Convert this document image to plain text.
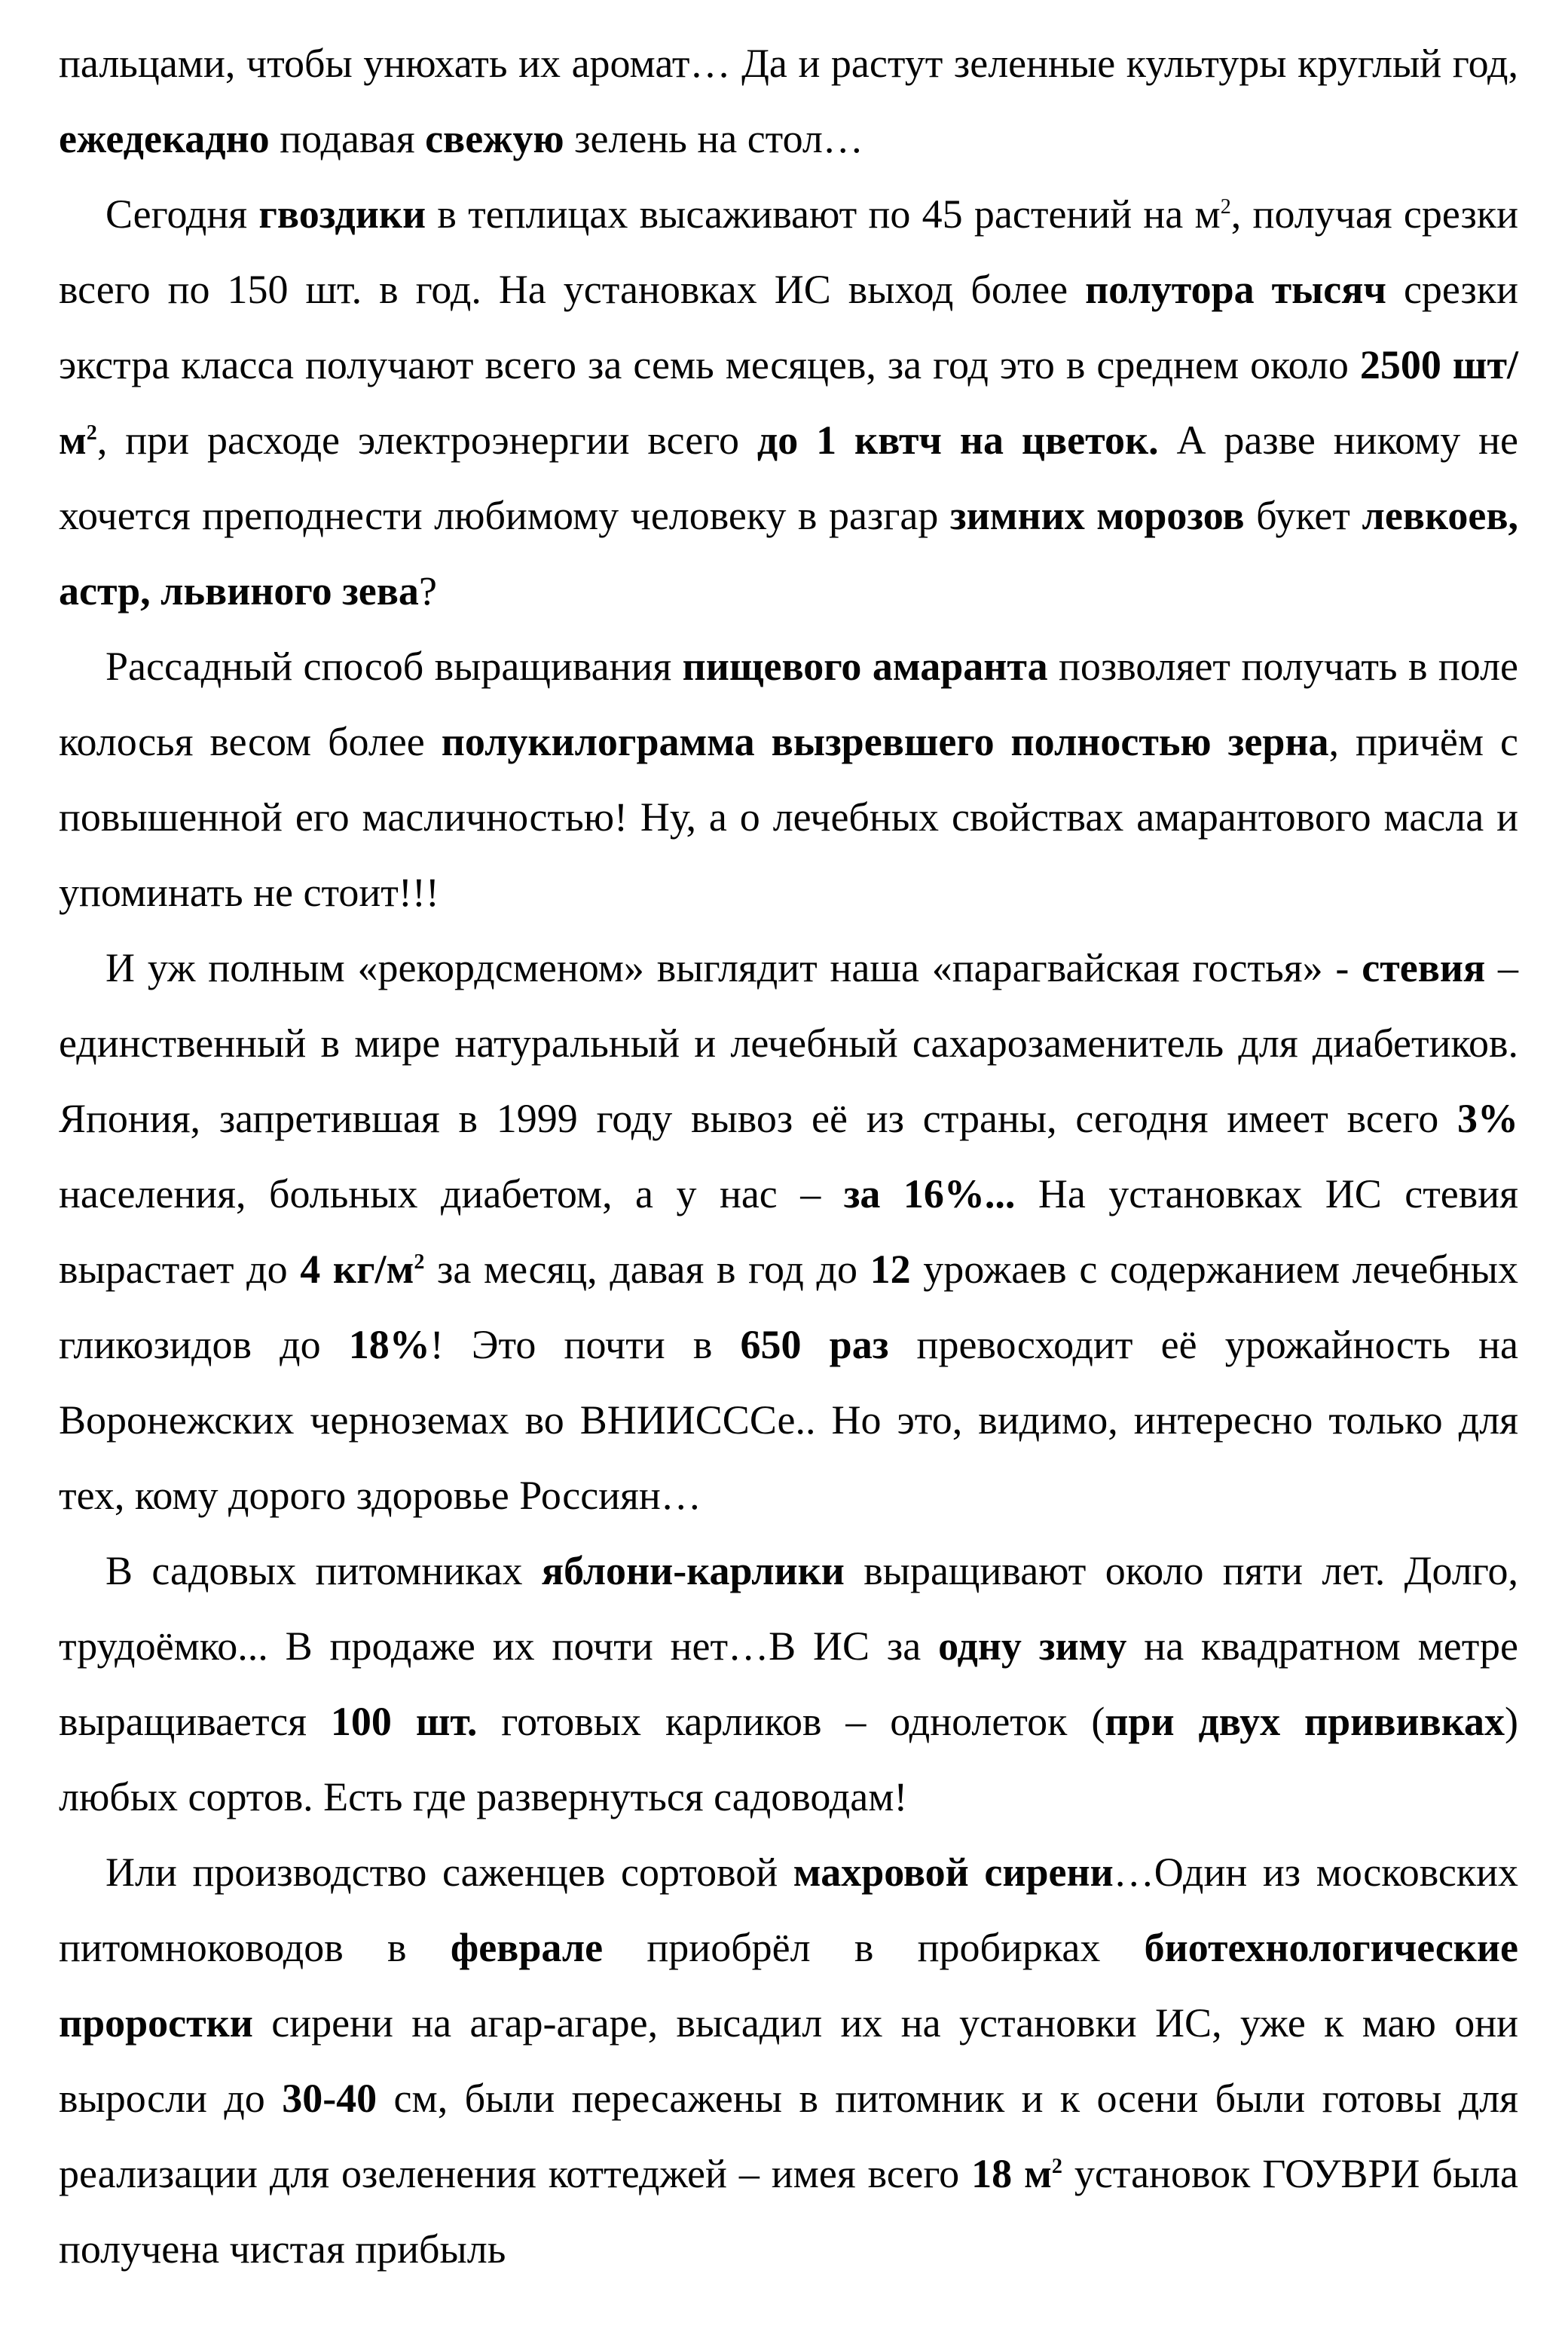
пальцами, чтобы унюхать их аромат… Да и растут зеленные культуры круглый год, ежедекадно подавая свежую зелень на стол…

Сегодня гвоздики в теплицах высаживают по 45 растений на $м^2$, получая срезки всего по 150 шт. в год. На установках ИС выход более полутора тысяч срезки экстра класса получают всего за семь месяцев, за год это в среднем около 2500 $шт/м^2$, при расходе электроэнергии всего до 1 квтч на цветок. А разве никому не хочется преподнести любимому человеку в разгар зимних морозов букет левкоев, астр, львиного зева?

Рассадный способ выращивания пищевого амаранта позволяет получать в поле колосья весом более полукилограмма вызревшего полностью зерна, причём с повышенной его масличностью! Ну, а о лечебных свойствах амарантового масла и упоминать не стоит!!!

И уж полным «рекордсменом» выглядит наша «парагвайская гостья» - стевия – единственный в мире натуральный и лечебный сахарозаменитель для диабетиков. Япония, запретившая в 1999 году вывоз её из страны, сегодня имеет всего 3% населения, больных диабетом, а у нас – за 16%... На установках ИС стевия вырастает до 4 $кг/м^2$ за месяц, давая в год до 12 урожаев с содержанием лечебных гликозидов до 18%! Это почти в 650 раз превосходит её урожайность на Воронежских черноземах во ВНИИСССе.. Но это, видимо, интересно только для тех, кому дорого здоровье Россиян…

В садовых питомниках яблони-карлики выращивают около пяти лет. Долго, трудоёмко... В продаже их почти нет…В ИС за одну зиму на квадратном метре выращивается 100 шт. готовых карликов – однолеток (при двух прививках) любых сортов. Есть где развернуться садоводам!

Или производство саженцев сортовой махровой сирени…Один из московских питомноководов в феврале приобрёл в пробирках биотехнологические проростки сирени на агар-агаре, высадил их на установки ИС, уже к маю они выросли до 30-40 см, были пересажены в питомник и к осени были готовы для реализации для озеленения коттеджей – имея всего 18 $м^2$ установок ГОУВРИ была получена чистая прибыль
